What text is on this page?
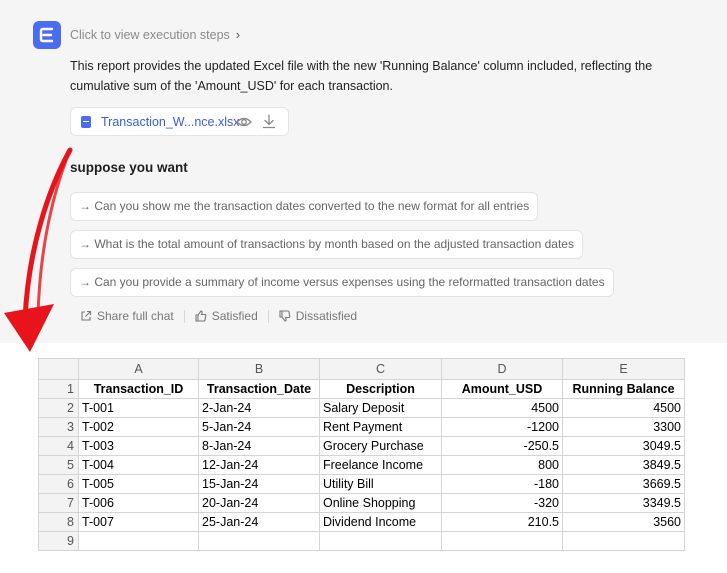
Click to view execution steps ›
This report provides the updated Excel file with the new 'Running Balance' column included, reflecting the cumulative sum of the 'Amount_USD' for each transaction.
Transaction_W...nce.xlsx
suppose you want
→ Can you show me the transaction dates converted to the new format for all entries
→ What is the total amount of transactions by month based on the adjusted transaction dates
→ Can you provide a summary of income versus expenses using the reformatted transaction dates
Share full chat	Satisfied	Dissatisfied
	A	B	C	D	E
1	Transaction_ID	Transaction_Date	Description	Amount_USD	Running Balance
2	T-001	2-Jan-24	Salary Deposit	4500	4500
3	T-002	5-Jan-24	Rent Payment	-1200	3300
4	T-003	8-Jan-24	Grocery Purchase	-250.5	3049.5
5	T-004	12-Jan-24	Freelance Income	800	3849.5
6	T-005	15-Jan-24	Utility Bill	-180	3669.5
7	T-006	20-Jan-24	Online Shopping	-320	3349.5
8	T-007	25-Jan-24	Dividend Income	210.5	3560
9					
